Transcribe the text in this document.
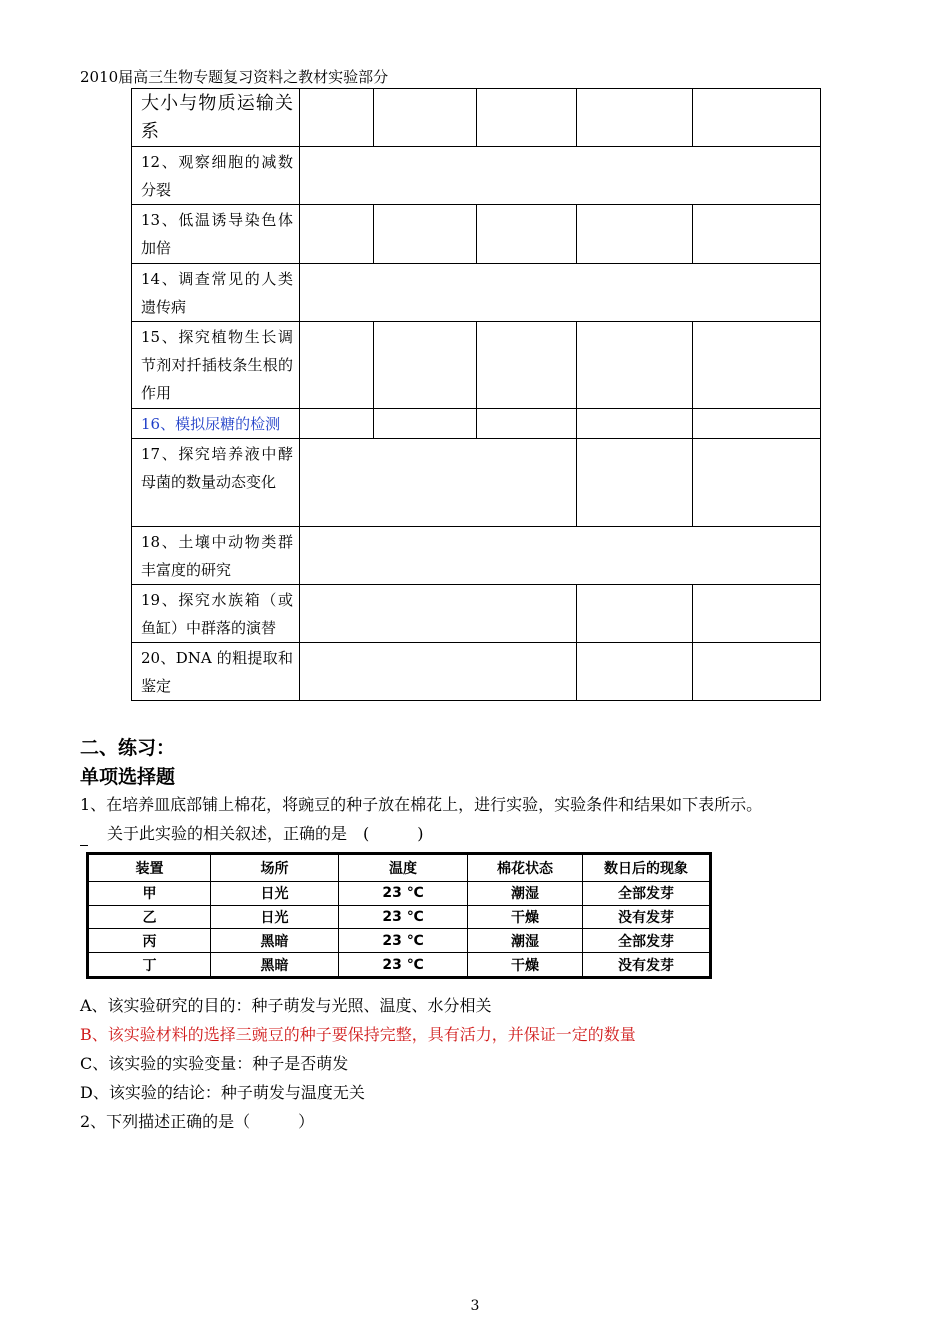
2010届高三生物专题复习资料之教材实验部分
大小与物质运输关系					
12、观察细胞的减数分裂					
13、低温诱导染色体加倍					
14、调查常见的人类遗传病					
15、探究植物生长调节剂对扦插枝条生根的作用					
16、模拟尿糖的检测					
17、探究培养液中酵母菌的数量动态变化					
18、土壤中动物类群丰富度的研究					
19、探究水族箱（或鱼缸）中群落的演替					
20、DNA 的粗提取和鉴定					
二、练习：
单项选择题
1、在培养皿底部铺上棉花，将豌豆的种子放在棉花上，进行实验，实验条件和结果如下表所示。
关于此实验的相关叙述，正确的是　(　　　)
装置	场所	温度	棉花状态	数日后的现象
甲	日光	23 ℃	潮湿	全部发芽
乙	日光	23 ℃	干燥	没有发芽
丙	黑暗	23 ℃	潮湿	全部发芽
丁	黑暗	23 ℃	干燥	没有发芽
A、该实验研究的目的：种子萌发与光照、温度、水分相关
B、该实验材料的选择三豌豆的种子要保持完整，具有活力，并保证一定的数量
C、该实验的实验变量：种子是否萌发
D、该实验的结论：种子萌发与温度无关
2、下列描述正确的是（　　　）
3
